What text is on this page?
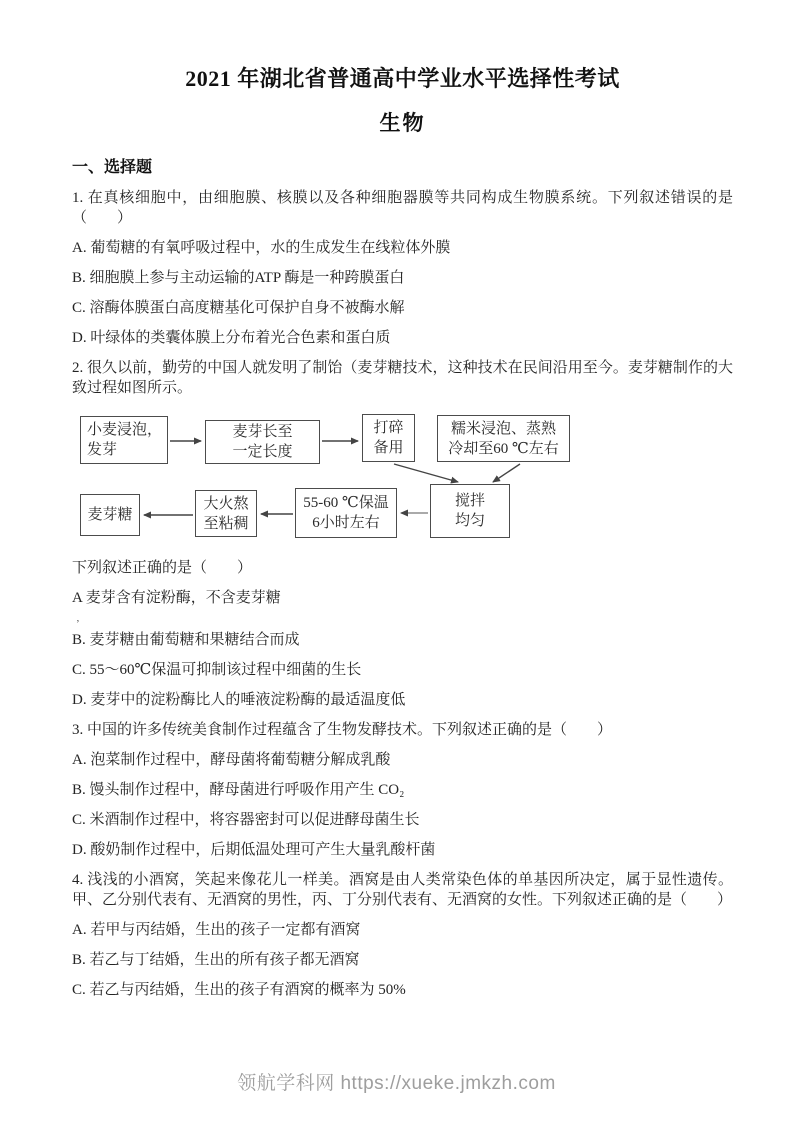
2021 年湖北省普通高中学业水平选择性考试
生物
一、选择题

1. 在真核细胞中，由细胞膜、核膜以及各种细胞器膜等共同构成生物膜系统。下列叙述错误的是（　　）

A. 葡萄糖的有氧呼吸过程中，水的生成发生在线粒体外膜

B. 细胞膜上参与主动运输的ATP 酶是一种跨膜蛋白

C. 溶酶体膜蛋白高度糖基化可保护自身不被酶水解

D. 叶绿体的类囊体膜上分布着光合色素和蛋白质

2. 很久以前，勤劳的中国人就发明了制饴（麦芽糖技术，这种技术在民间沿用至今。麦芽糖制作的大致过程如图所示。

小麦浸泡，
发芽
麦芽长至
一定长度
打碎
备用
糯米浸泡、蒸熟
冷却至60 ℃左右
麦芽糖
大火熬
至粘稠
55-60 ℃保温
6小时左右
搅拌
均匀

下列叙述正确的是（　　）

A 麦芽含有淀粉酶，不含麦芽糖

’

B. 麦芽糖由葡萄糖和果糖结合而成

C. 55～60℃保温可抑制该过程中细菌的生长

D. 麦芽中的淀粉酶比人的唾液淀粉酶的最适温度低

3. 中国的许多传统美食制作过程蕴含了生物发酵技术。下列叙述正确的是（　　）

A. 泡菜制作过程中，酵母菌将葡萄糖分解成乳酸

B. 馒头制作过程中，酵母菌进行呼吸作用产生 CO₂

C. 米酒制作过程中，将容器密封可以促进酵母菌生长

D. 酸奶制作过程中，后期低温处理可产生大量乳酸杆菌

4. 浅浅的小酒窝，笑起来像花儿一样美。酒窝是由人类常染色体的单基因所决定，属于显性遗传。甲、乙分别代表有、无酒窝的男性，丙、丁分别代表有、无酒窝的女性。下列叙述正确的是（　　）

A. 若甲与丙结婚，生出的孩子一定都有酒窝

B. 若乙与丁结婚，生出的所有孩子都无酒窝

C. 若乙与丙结婚，生出的孩子有酒窝的概率为 50%

领航学科网 https://xueke.jmkzh.com
